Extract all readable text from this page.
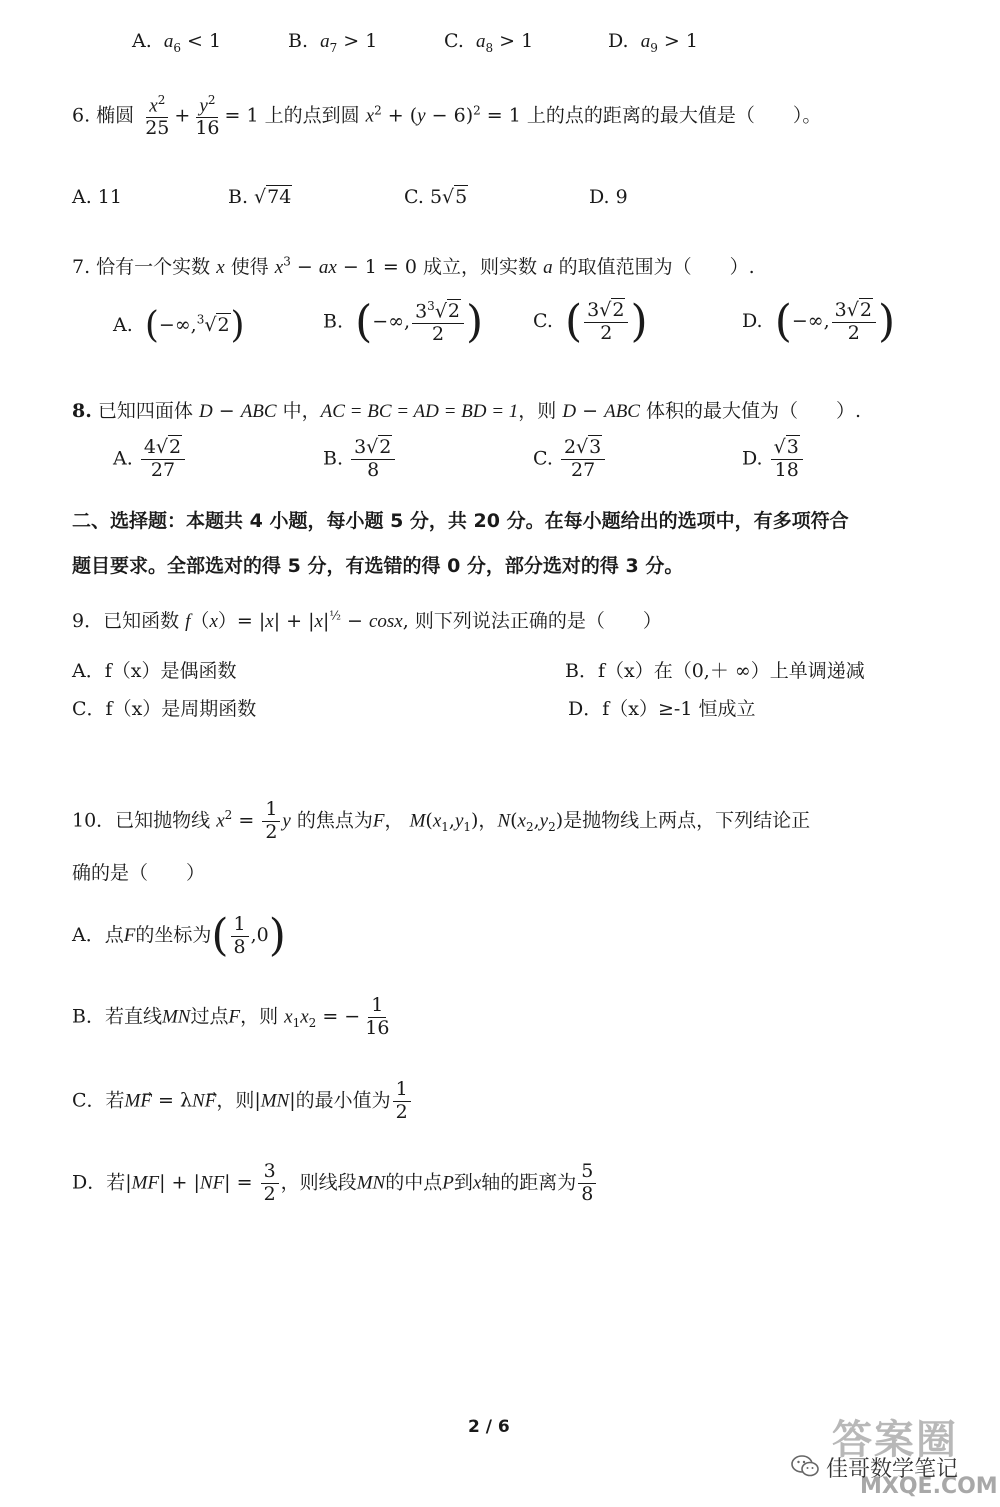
A. $a_6 < 1$	B. $a_7 > 1$	C. $a_8 > 1$	D. $a_9 > 1$
6. 椭圆 $\frac{x^2}{25} + \frac{y^2}{16} = 1$ 上的点到圆 $x^2 + (y - 6)^2 = 1$ 上的点的距离的最大值是（　　）。
A. 11	B. √74	C. 5√5	D. 9
7. 恰有一个实数 x 使得 $x^3$ − ax − 1 = 0 成立，则实数 a 的取值范围为（　　）.
A. (−∞,$^3$√2)	B. (−∞, $\frac{3^3√2}{2}$ )	C. ( $\frac{3√2}{2}$ )	D. (−∞, $\frac{3√2}{2}$ )
8. 已知四面体 D − ABC 中，AC = BC = AD = BD = 1，则 D − ABC 体积的最大值为（　　）.
A. $\frac{4√2}{27}$	B. $\frac{3√2}{8}$	C. $\frac{2√3}{27}$	D. $\frac{√3}{18}$
二、选择题：本题共 4 小题，每小题 5 分，共 20 分。在每小题给出的选项中，有多项符合
题目要求。全部选对的得 5 分，有选错的得 0 分，部分选对的得 3 分。
9．已知函数 $f(x)= |x| + |x|^{\frac{1}{2}} - \cos x$, 则下列说法正确的是（　　）
A．f（x）是偶函数	B．f（x）在（0,＋ ∞）上单调递减
C．f（x）是周期函数	D．f（x）≥-1 恒成立
10．已知抛物线 $x^2 = \frac{1}{2}$ y 的焦点为F， $M(x_1,y_1)$，$N(x_2,y_2)$是抛物线上两点，下列结论正
确的是（　　）
A．点F的坐标为( $\frac{1}{8} ,0$)
B．若直线MN过点F，则 $x_1x_2$ = − $\frac{1}{16}$
C．若MF⃗ = λNF，则|MN|的最小值为 $\frac{1}{2}$
D．若$|MF| + |NF| = \frac{3}{2}$ ，则线段MN的中点P到x轴的距离为 $\frac{5}{8}$
2 / 6	答案圈
MXQE.COM
佳哥数学笔记
